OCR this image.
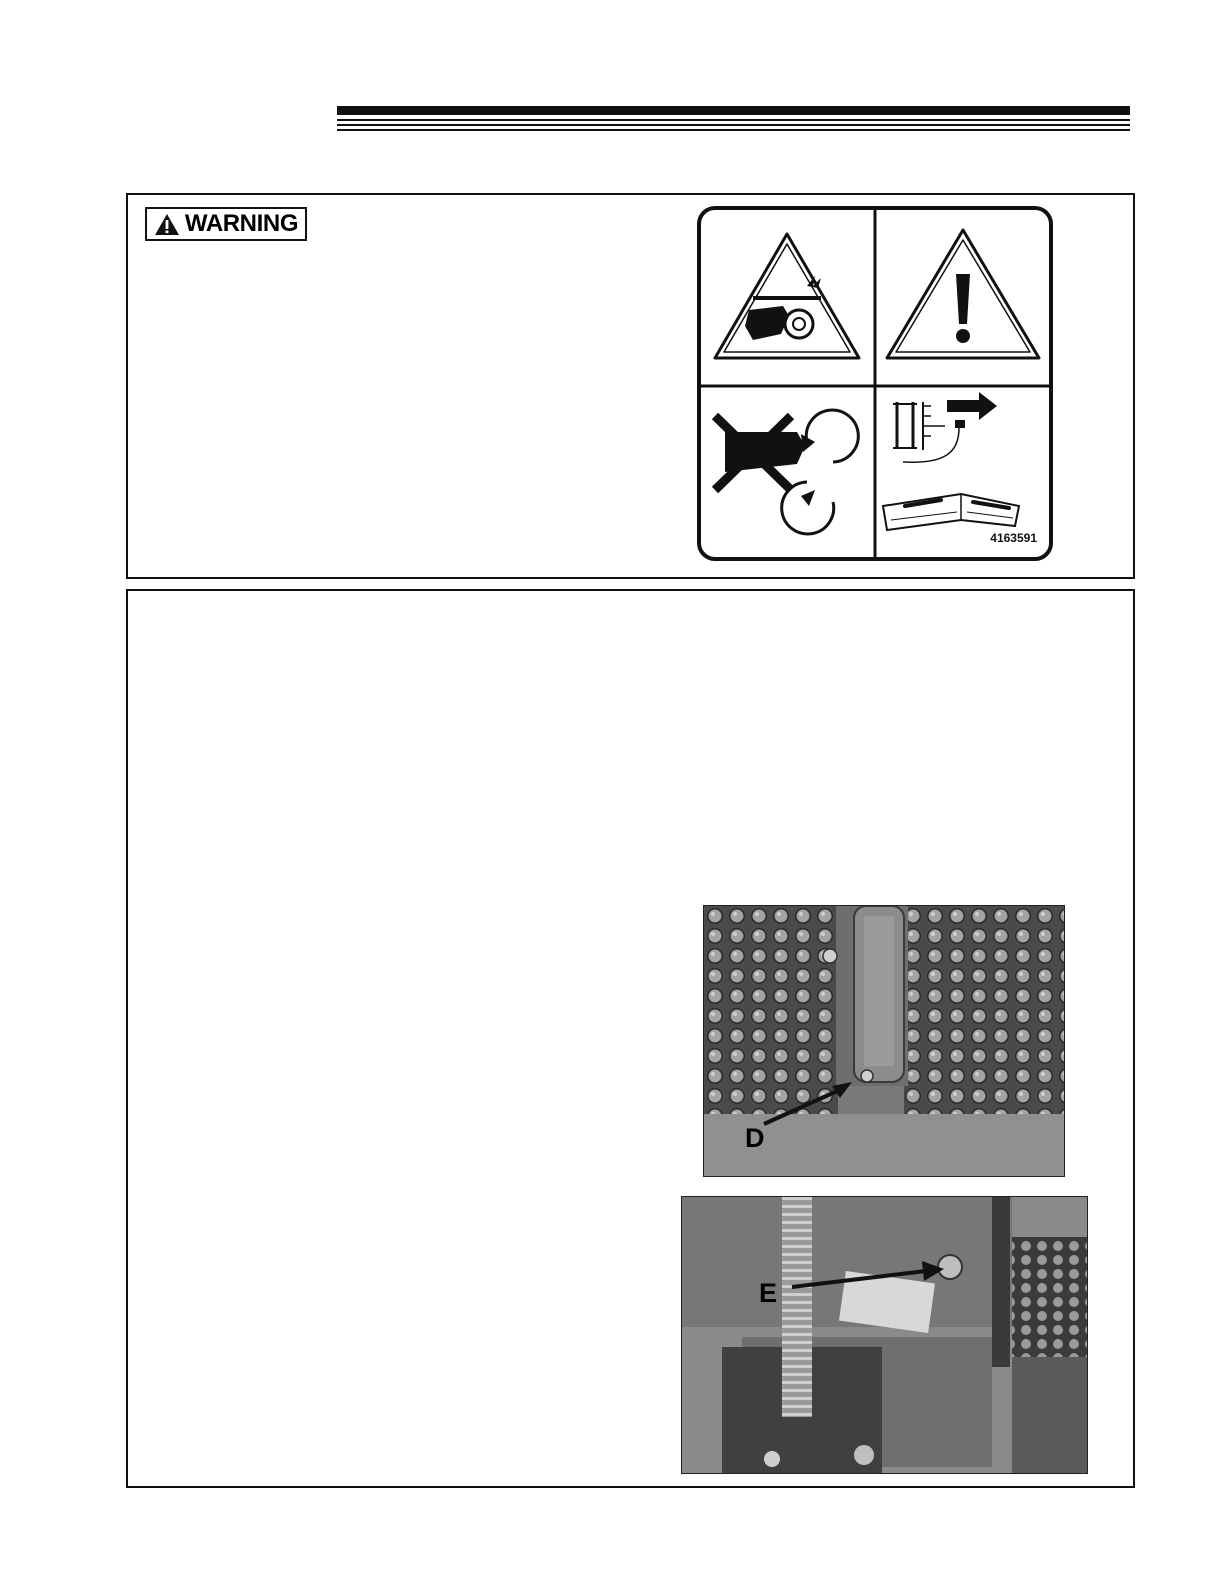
WARNING
4163591
D
E
